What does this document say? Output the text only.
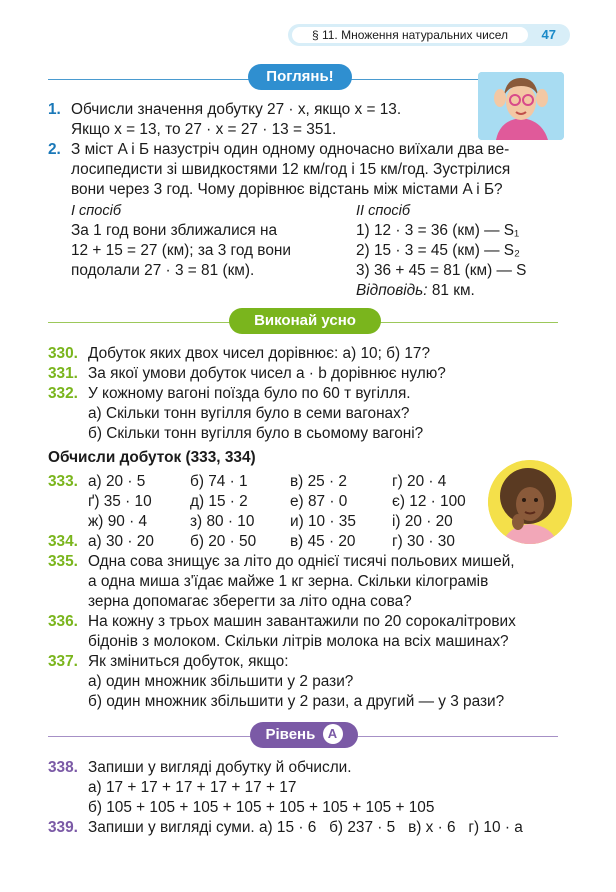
§ 11. Множення натуральних чисел	47
Поглянь!
1. Обчисли значення добутку 27 · x, якщо x = 13.
Якщо x = 13, то 27 · x = 27 · 13 = 351.
2. З міст A і Б назустріч один одному одночасно виїхали два ве-
лосипедисти зі швидкостями 12 км/год і 15 км/год. Зустрілися
вони через 3 год. Чому дорівнює відстань між містами A і Б?
І спосіб
За 1 год вони зближалися на
12 + 15 = 27 (км); за 3 год вони
подолали 27 · 3 = 81 (км).
ІІ спосіб
1) 12 · 3 = 36 (км) — S₁
2) 15 · 3 = 45 (км) — S₂
3) 36 + 45 = 81 (км) — S
Відповідь: 81 км.
Виконай усно
330. Добуток яких двох чисел дорівнює: а) 10; б) 17?
331. За якої умови добуток чисел a · b дорівнює нулю?
332. У кожному вагоні поїзда було по 60 т вугілля.
а) Скільки тонн вугілля було в семи вагонах?
б) Скільки тонн вугілля було в сьомому вагоні?
Обчисли добуток (333, 334)
333. а) 20 · 5	б) 74 · 1	в) 25 · 2	г) 20 · 4
ґ) 35 · 10 д) 15 · 2	е) 87 · 0	є) 12 · 100
ж) 90 · 4	з) 80 · 10 и) 10 · 35 і) 20 · 20
334. а) 30 · 20 б) 20 · 50 в) 45 · 20 г) 30 · 30
335. Одна сова знищує за літо до однієї тисячі польових мишей,
а одна миша з'їдає майже 1 кг зерна. Скільки кілограмів
зерна допомагає зберегти за літо одна сова?
336. На кожну з трьох машин завантажили по 20 сорокалітрових
бідонів з молоком. Скільки літрів молока на всіх машинах?
337. Як зміниться добуток, якщо:
а) один множник збільшити у 2 рази?
б) один множник збільшити у 2 рази, а другий — у 3 рази?
Рівень А
338. Запиши у вигляді добутку й обчисли.
а) 17 + 17 + 17 + 17 + 17 + 17
б) 105 + 105 + 105 + 105 + 105 + 105 + 105 + 105
339. Запиши у вигляді суми. а) 15 · 6   б) 237 · 5   в) x · 6   г) 10 · a
